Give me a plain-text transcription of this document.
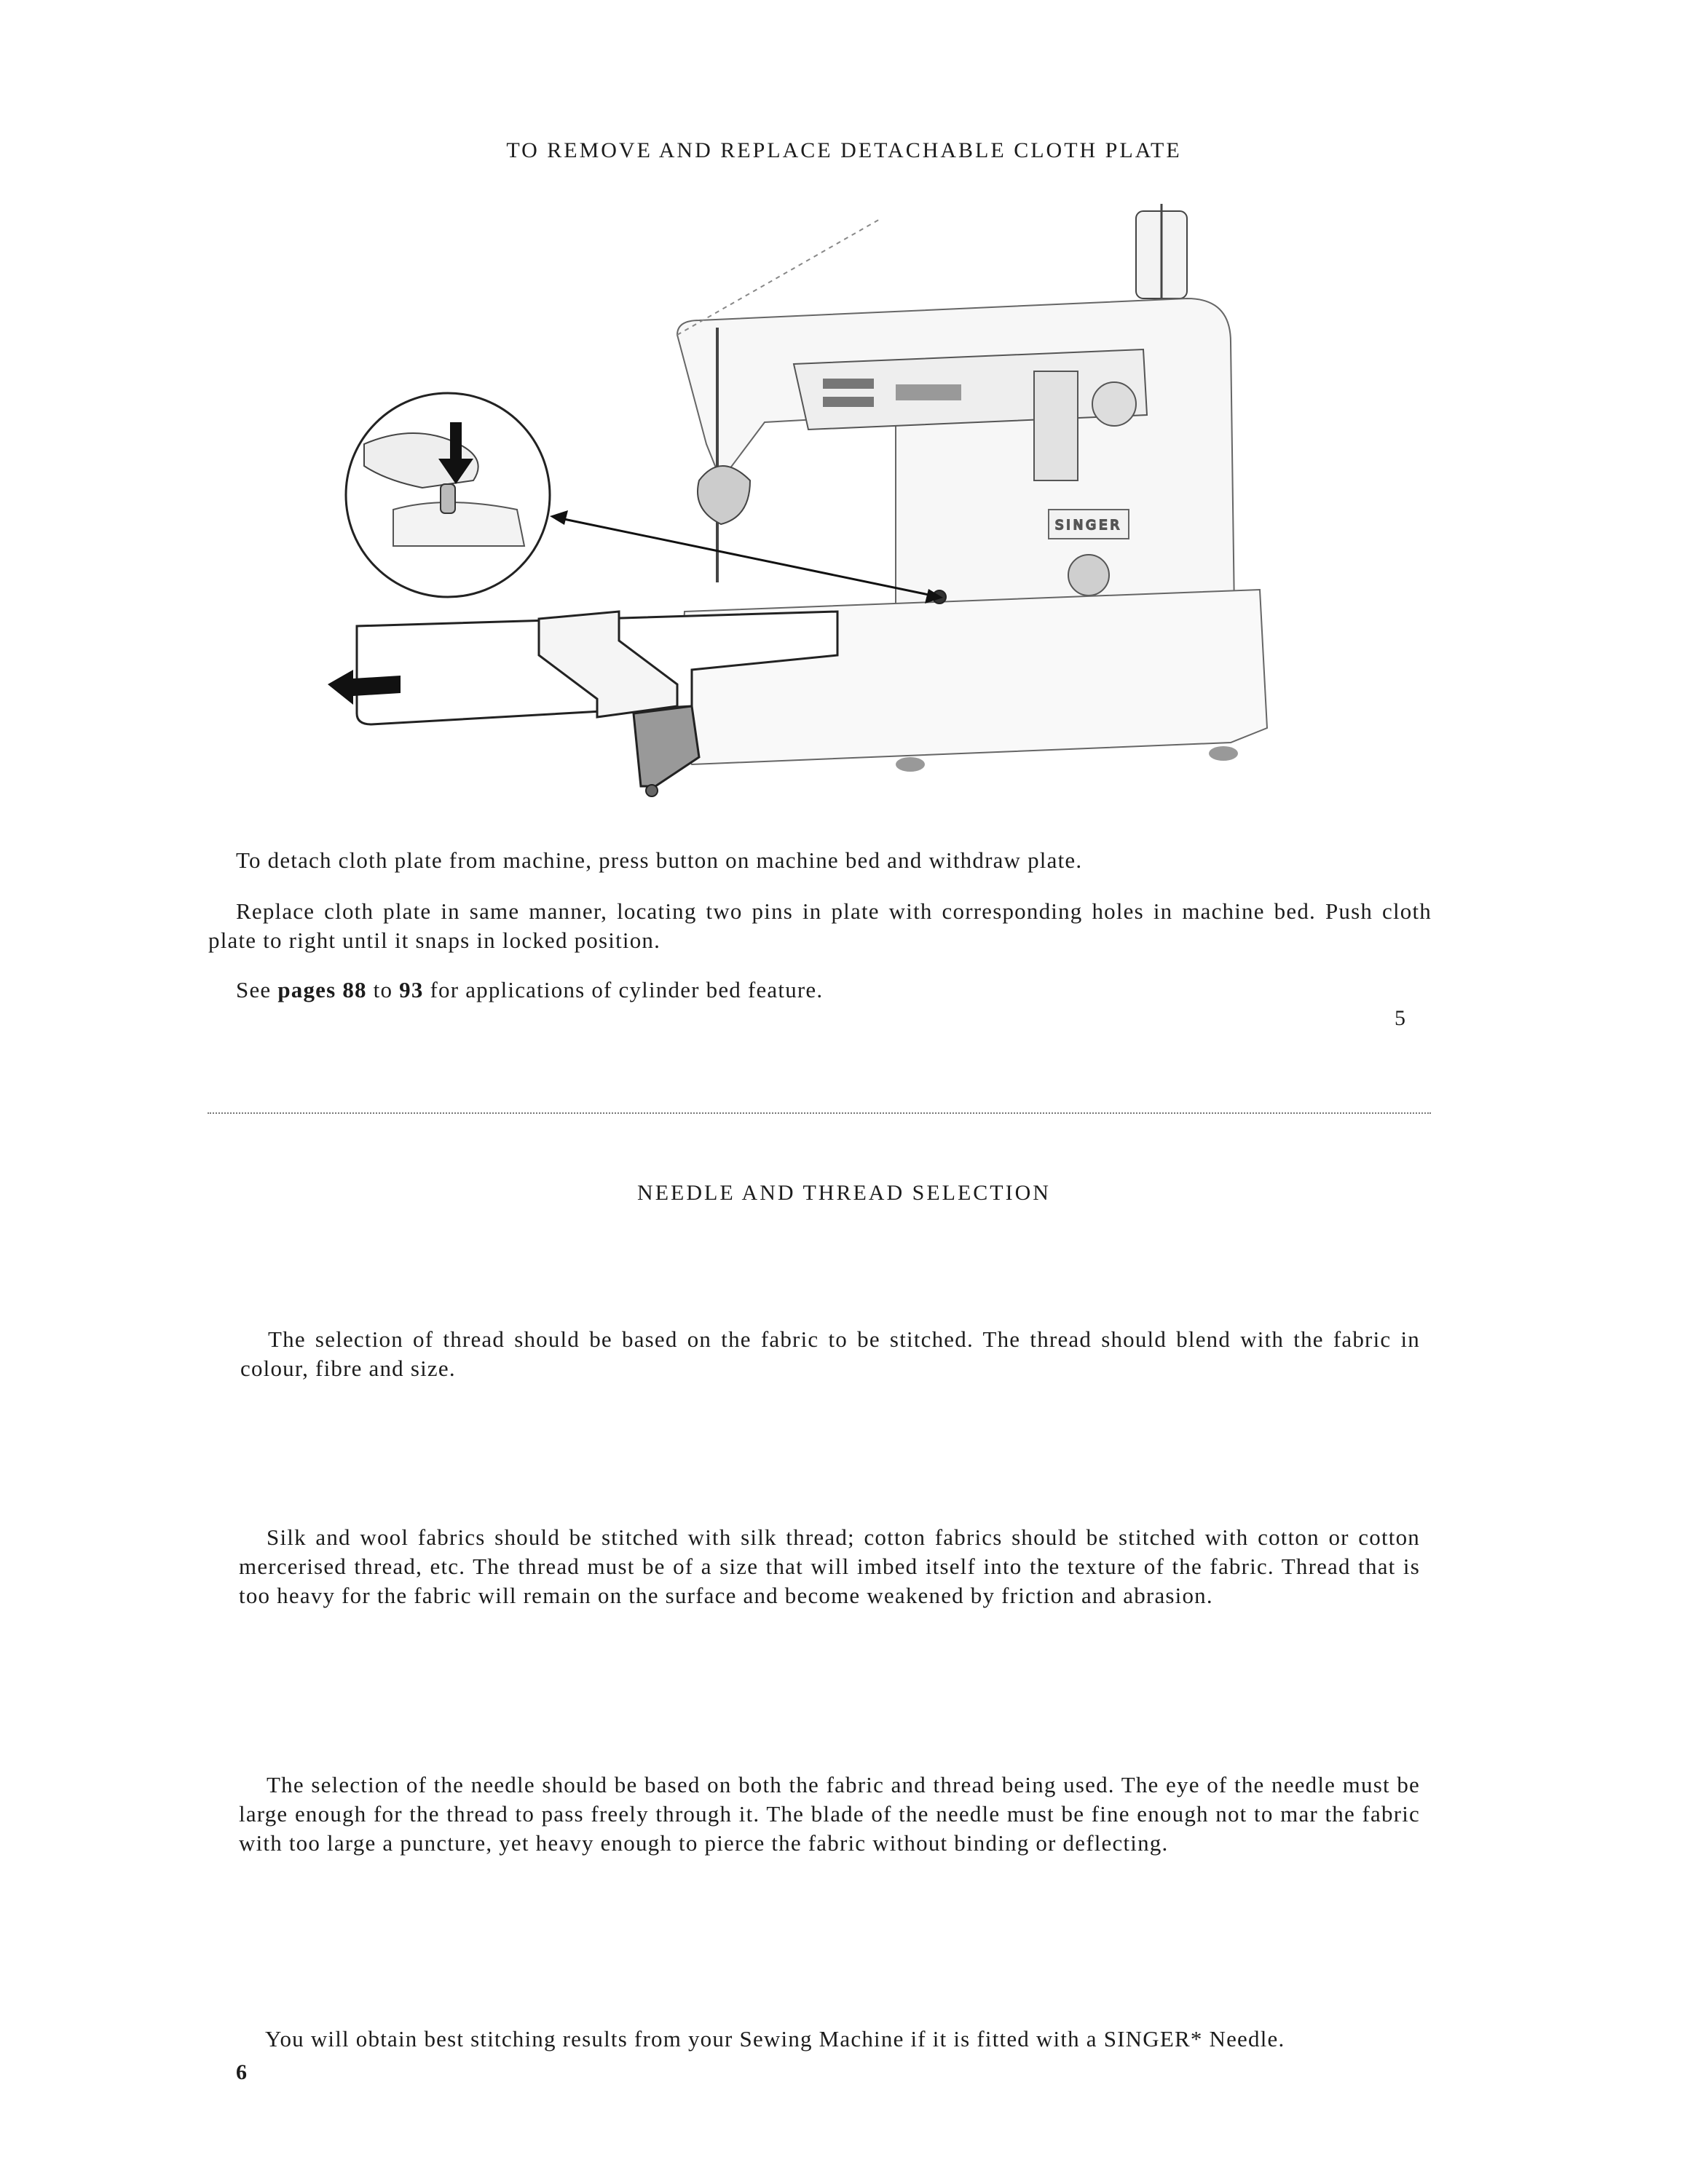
TO REMOVE AND REPLACE DETACHABLE CLOTH PLATE
SINGER

To detach cloth plate from machine, press button on machine bed and withdraw plate.

Replace cloth plate in same manner, locating two pins in plate with corresponding holes in machine bed. Push cloth plate to right until it snaps in locked position.

See pages 88 to 93 for applications of cylinder bed feature.

5
NEEDLE AND THREAD SELECTION

The selection of thread should be based on the fabric to be stitched. The thread should blend with the fabric in colour, fibre and size.

Silk and wool fabrics should be stitched with silk thread; cotton fabrics should be stitched with cotton or cotton mercerised thread, etc. The thread must be of a size that will imbed itself into the texture of the fabric. Thread that is too heavy for the fabric will remain on the surface and become weakened by friction and abrasion.

The selection of the needle should be based on both the fabric and thread being used. The eye of the needle must be large enough for the thread to pass freely through it. The blade of the needle must be fine enough not to mar the fabric with too large a puncture, yet heavy enough to pierce the fabric without binding or deflecting.

You will obtain best stitching results from your Sewing Machine if it is fitted with a SINGER* Needle.

6
